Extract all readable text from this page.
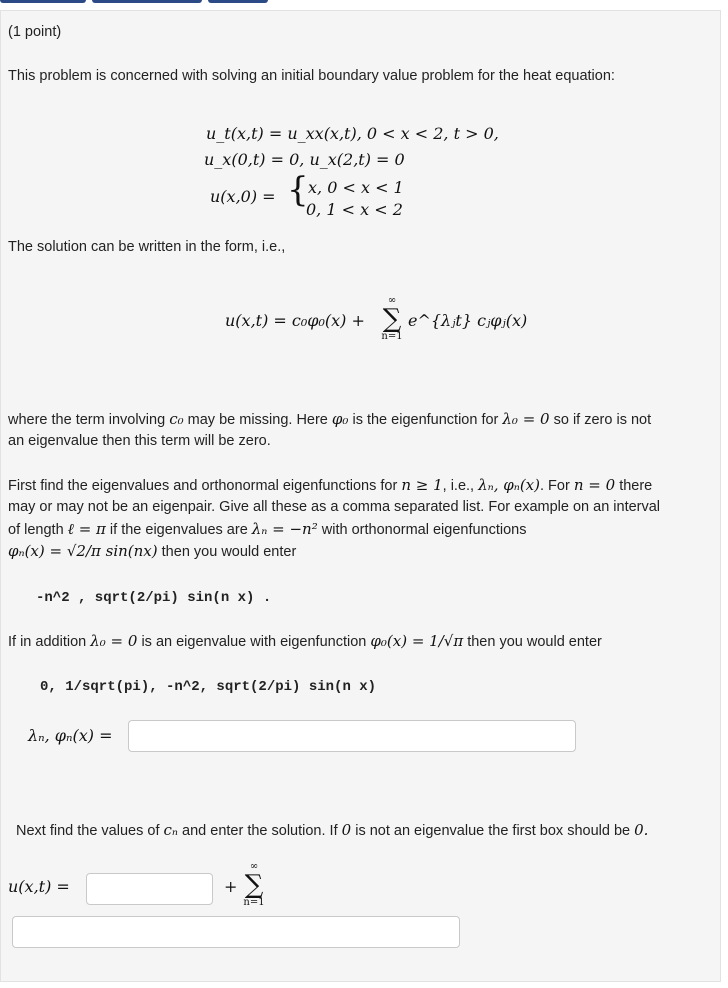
(1 point)
This problem is concerned with solving an initial boundary value problem for the heat equation:
u_t(x,t) = u_xx(x,t), 0 < x < 2, t > 0,
u_x(0,t) = 0, u_x(2,t) = 0
u(x,0) = { x, 0 < x < 1
0, 1 < x < 2
The solution can be written in the form, i.e.,
u(x,t) = c₀φ₀(x) +
∞
∑
n=1
e^{λⱼt} cⱼφⱼ(x)
where the term involving c₀ may be missing. Here φ₀ is the eigenfunction for λ₀ = 0 so if zero is not
an eigenvalue then this term will be zero.
First find the eigenvalues and orthonormal eigenfunctions for n ≥ 1, i.e., λₙ, φₙ(x). For n = 0 there
may or may not be an eigenpair. Give all these as a comma separated list. For example on an interval
of length ℓ = π if the eigenvalues are λₙ = −n² with orthonormal eigenfunctions
φₙ(x) = √2/π sin(nx) then you would enter
-n^2 , sqrt(2/pi) sin(n x) .
If in addition λ₀ = 0 is an eigenvalue with eigenfunction φ₀(x) = 1/√π then you would enter
0, 1/sqrt(pi), -n^2, sqrt(2/pi) sin(n x)
λₙ, φₙ(x) =
Next find the values of cₙ and enter the solution. If 0 is not an eigenvalue the first box should be 0.
u(x,t) =	+
∞
∑
n=1
